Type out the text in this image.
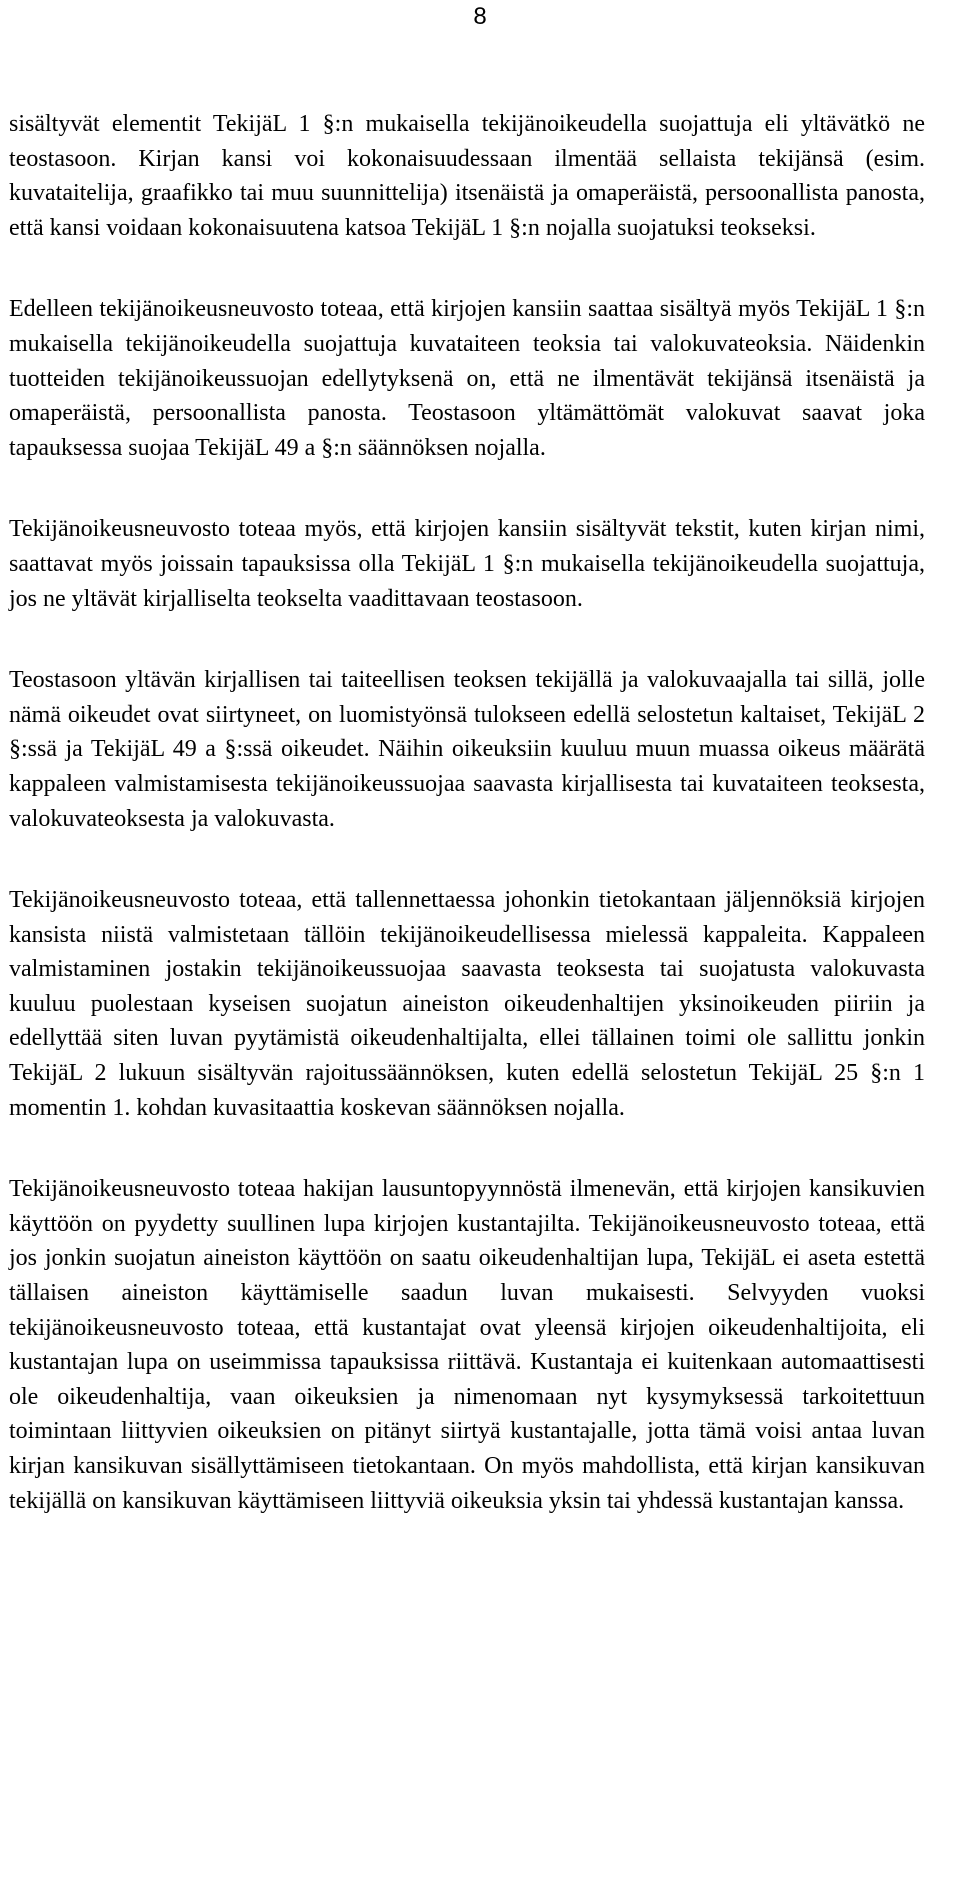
8

sisältyvät elementit TekijäL 1 §:n mukaisella tekijänoikeudella suojattuja eli yltävätkö ne teostasoon. Kirjan kansi voi kokonaisuudessaan ilmentää sellaista tekijänsä (esim. kuvataitelija, graafikko tai muu suunnittelija) itsenäistä ja omaperäistä, persoonallista panosta, että kansi voidaan kokonaisuutena katsoa TekijäL 1 §:n nojalla suojatuksi teokseksi.

Edelleen tekijänoikeusneuvosto toteaa, että kirjojen kansiin saattaa sisältyä myös TekijäL 1 §:n mukaisella tekijänoikeudella suojattuja kuvataiteen teoksia tai valokuvateoksia. Näidenkin tuotteiden tekijänoikeussuojan edellytyksenä on, että ne ilmentävät tekijänsä itsenäistä ja omaperäistä, persoonallista panosta. Teostasoon yltämättömät valokuvat saavat joka tapauksessa suojaa TekijäL 49 a §:n säännöksen nojalla.

Tekijänoikeusneuvosto toteaa myös, että kirjojen kansiin sisältyvät tekstit, kuten kirjan nimi, saattavat myös joissain tapauksissa olla TekijäL 1 §:n mukaisella tekijänoikeudella suojattuja, jos ne yltävät kirjalliselta teokselta vaadittavaan teostasoon.

Teostasoon yltävän kirjallisen tai taiteellisen teoksen tekijällä ja valokuvaajalla tai sillä, jolle nämä oikeudet ovat siirtyneet, on luomistyönsä tulokseen edellä selostetun kaltaiset, TekijäL 2 §:ssä ja TekijäL 49 a §:ssä oikeudet. Näihin oikeuksiin kuuluu muun muassa oikeus määrätä kappaleen valmistamisesta tekijänoikeussuojaa saavasta kirjallisesta tai kuvataiteen teoksesta, valokuvateoksesta ja valokuvasta.

Tekijänoikeusneuvosto toteaa, että tallennettaessa johonkin tietokantaan jäljennöksiä kirjojen kansista niistä valmistetaan tällöin tekijänoikeudellisessa mielessä kappaleita. Kappaleen valmistaminen jostakin tekijänoikeussuojaa saavasta teoksesta tai suojatusta valokuvasta kuuluu puolestaan kyseisen suojatun aineiston oikeudenhaltijen yksinoikeuden piiriin ja edellyttää siten luvan pyytämistä oikeudenhaltijalta, ellei tällainen toimi ole sallittu jonkin TekijäL 2 lukuun sisältyvän rajoitussäännöksen, kuten edellä selostetun TekijäL 25 §:n 1 momentin 1. kohdan kuvasitaattia koskevan säännöksen nojalla.

Tekijänoikeusneuvosto toteaa hakijan lausuntopyynnöstä ilmenevän, että kirjojen kansikuvien käyttöön on pyydetty suullinen lupa kirjojen kustantajilta. Tekijänoikeusneuvosto toteaa, että jos jonkin suojatun aineiston käyttöön on saatu oikeudenhaltijan lupa, TekijäL ei aseta estettä tällaisen aineiston käyttämiselle saadun luvan mukaisesti. Selvyyden vuoksi tekijänoikeusneuvosto toteaa, että kustantajat ovat yleensä kirjojen oikeudenhaltijoita, eli kustantajan lupa on useimmissa tapauksissa riittävä. Kustantaja ei kuitenkaan automaattisesti ole oikeudenhaltija, vaan oikeuksien ja nimenomaan nyt kysymyksessä tarkoitettuun toimintaan liittyvien oikeuksien on pitänyt siirtyä kustantajalle, jotta tämä voisi antaa luvan kirjan kansikuvan sisällyttämiseen tietokantaan. On myös mahdollista, että kirjan kansikuvan tekijällä on kansikuvan käyttämiseen liittyviä oikeuksia yksin tai yhdessä kustantajan kanssa.
